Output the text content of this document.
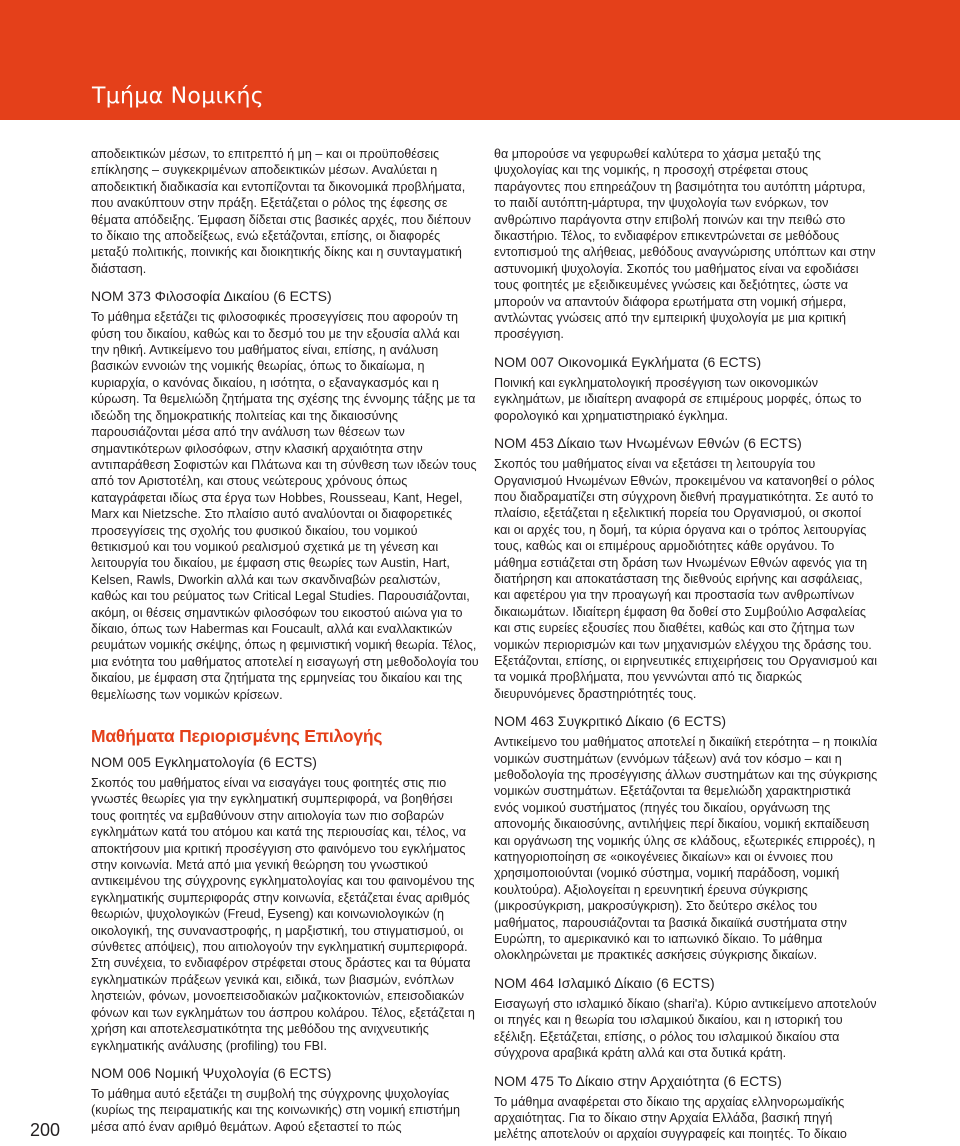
Τμήμα Νομικής
200

αποδεικτικών μέσων, το επιτρεπτό ή μη – και οι προϋποθέσεις επίκλησης – συγκεκριμένων αποδεικτικών μέσων. Αναλύεται η αποδεικτική διαδικασία και εντοπίζονται τα δικονομικά προβλήματα, που ανακύπτουν στην πράξη. Εξετάζεται ο ρόλος της έφεσης σε θέματα απόδειξης. Έμφαση δίδεται στις βασικές αρχές, που διέπουν το δίκαιο της αποδείξεως, ενώ εξετάζονται, επίσης, οι διαφορές μεταξύ πολιτικής, ποινικής και διοικητικής δίκης και η συνταγματική διάσταση.

ΝΟΜ 373 Φιλοσοφία Δικαίου (6 ECTS)

Το μάθημα εξετάζει τις φιλοσοφικές προσεγγίσεις που αφορούν τη φύση του δικαίου, καθώς και το δεσμό του με την εξουσία αλλά και την ηθική. Αντικείμενο του μαθήματος είναι, επίσης, η ανάλυση βασικών εννοιών της νομικής θεωρίας, όπως το δικαίωμα, η κυριαρχία, ο κανόνας δικαίου, η ισότητα, ο εξαναγκασμός και η κύρωση. Τα θεμελιώδη ζητήματα της σχέσης της έννομης τάξης με τα ιδεώδη της δημοκρατικής πολιτείας και της δικαιοσύνης παρουσιάζονται μέσα από την ανάλυση των θέσεων των σημαντικότερων φιλοσόφων, στην κλασική αρχαιότητα στην αντιπαράθεση Σοφιστών και Πλάτωνα και τη σύνθεση των ιδεών τους από τον Αριστοτέλη, και στους νεώτερους χρόνους όπως καταγράφεται ιδίως στα έργα των Hobbes, Rousseau, Kant, Hegel, Marx και Nietzsche. Στο πλαίσιο αυτό αναλύονται οι διαφορετικές προσεγγίσεις της σχολής του φυσικού δικαίου, του νομικού θετικισμού και του νομικού ρεαλισμού σχετικά με τη γένεση και λειτουργία του δικαίου, με έμφαση στις θεωρίες των Austin, Hart, Kelsen, Rawls, Dworkin αλλά και των σκανδιναβών ρεαλιστών, καθώς και του ρεύματος των Critical Legal Studies. Παρουσιάζονται, ακόμη, οι θέσεις σημαντικών φιλοσόφων του εικοστού αιώνα για το δίκαιο, όπως των Habermas και Foucault, αλλά και εναλλακτικών ρευμάτων νομικής σκέψης, όπως η φεμινιστική νομική θεωρία. Τέλος, μια ενότητα του μαθήματος αποτελεί η εισαγωγή στη μεθοδολογία του δικαίου, με έμφαση στα ζητήματα της ερμηνείας του δικαίου και της θεμελίωσης των νομικών κρίσεων.

Μαθήματα Περιορισμένης Επιλογής
ΝΟΜ 005 Εγκληματολογία (6 ECTS)

Σκοπός του μαθήματος είναι να εισαγάγει τους φοιτητές στις πιο γνωστές θεωρίες για την εγκληματική συμπεριφορά, να βοηθήσει τους φοιτητές να εμβαθύνουν στην αιτιολογία των πιο σοβαρών εγκλημάτων κατά του ατόμου και κατά της περιουσίας και, τέλος, να αποκτήσουν μια κριτική προσέγγιση στο φαινόμενο του εγκλήματος στην κοινωνία. Μετά από μια γενική θεώρηση του γνωστικού αντικειμένου της σύγχρονης εγκληματολογίας και του φαινομένου της εγκληματικής συμπεριφοράς στην κοινωνία, εξετάζεται ένας αριθμός θεωριών, ψυχολογικών (Freud, Eyseng) και κοινωνιολογικών (η οικολογική, της συναναστροφής, η μαρξιστική, του στιγματισμού, οι σύνθετες απόψεις), που αιτιολογούν την εγκληματική συμπεριφορά. Στη συνέχεια, το ενδιαφέρον στρέφεται στους δράστες και τα θύματα εγκληματικών πράξεων γενικά και, ειδικά, των βιασμών, ενόπλων ληστειών, φόνων, μονοεπεισοδιακών μαζικοκτονιών, επεισοδιακών φόνων και των εγκλημάτων του άσπρου κολάρου. Τέλος, εξετάζεται η χρήση και αποτελεσματικότητα της μεθόδου της ανιχνευτικής εγκληματικής ανάλυσης (profiling) του FBI.

ΝΟΜ 006 Νομική Ψυχολογία (6 ECTS)

Το μάθημα αυτό εξετάζει τη συμβολή της σύγχρονης ψυχολογίας (κυρίως της πειραματικής και της κοινωνικής) στη νομική επιστήμη μέσα από έναν αριθμό θεμάτων. Αφού εξεταστεί το πώς

θα μπορούσε να γεφυρωθεί καλύτερα το χάσμα μεταξύ της ψυχολογίας και της νομικής, η προσοχή στρέφεται στους παράγοντες που επηρεάζουν τη βασιμότητα του αυτόπτη μάρτυρα, το παιδί αυτόπτη-μάρτυρα, την ψυχολογία των ενόρκων, τον ανθρώπινο παράγοντα στην επιβολή ποινών και την πειθώ στο δικαστήριο. Τέλος, το ενδιαφέρον επικεντρώνεται σε μεθόδους εντοπισμού της αλήθειας, μεθόδους αναγνώρισης υπόπτων και στην αστυνομική ψυχολογία. Σκοπός του μαθήματος είναι να εφοδιάσει τους φοιτητές με εξειδικευμένες γνώσεις και δεξιότητες, ώστε να μπορούν να απαντούν διάφορα ερωτήματα στη νομική σήμερα, αντλώντας γνώσεις από την εμπειρική ψυχολογία με μια κριτική προσέγγιση.

ΝΟΜ 007 Οικονομικά Εγκλήματα (6 ECTS)

Ποινική και εγκληματολογική προσέγγιση των οικονομικών εγκλημάτων, με ιδιαίτερη αναφορά σε επιμέρους μορφές, όπως το φορολογικό και χρηματιστηριακό έγκλημα.

ΝΟΜ 453 Δίκαιο των Ηνωμένων Εθνών (6 ECTS)

Σκοπός του μαθήματος είναι να εξετάσει τη λειτουργία του Οργανισμού Ηνωμένων Εθνών, προκειμένου να κατανοηθεί ο ρόλος που διαδραματίζει στη σύγχρονη διεθνή πραγματικότητα. Σε αυτό το πλαίσιο, εξετάζεται η εξελικτική πορεία του Οργανισμού, οι σκοποί και οι αρχές του, η δομή, τα κύρια όργανα και ο τρόπος λειτουργίας τους, καθώς και οι επιμέρους αρμοδιότητες κάθε οργάνου. Το μάθημα εστιάζεται στη δράση των Ηνωμένων Εθνών αφενός για τη διατήρηση και αποκατάσταση της διεθνούς ειρήνης και ασφάλειας, και αφετέρου για την προαγωγή και προστασία των ανθρωπίνων δικαιωμάτων. Ιδιαίτερη έμφαση θα δοθεί στο Συμβούλιο Ασφαλείας και στις ευρείες εξουσίες που διαθέτει, καθώς και στο ζήτημα των νομικών περιορισμών και των μηχανισμών ελέγχου της δράσης του. Εξετάζονται, επίσης, οι ειρηνευτικές επιχειρήσεις του Οργανισμού και τα νομικά προβλήματα, που γεννώνται από τις διαρκώς διευρυνόμενες δραστηριότητές τους.

ΝΟΜ 463 Συγκριτικό Δίκαιο (6 ECTS)

Αντικείμενο του μαθήματος αποτελεί η δικαιϊκή ετερότητα – η ποικιλία νομικών συστημάτων (εννόμων τάξεων) ανά τον κόσμο – και η μεθοδολογία της προσέγγισης άλλων συστημάτων και της σύγκρισης νομικών συστημάτων. Εξετάζονται τα θεμελιώδη χαρακτηριστικά ενός νομικού συστήματος (πηγές του δικαίου, οργάνωση της απονομής δικαιοσύνης, αντιλήψεις περί δικαίου, νομική εκπαίδευση και οργάνωση της νομικής ύλης σε κλάδους, εξωτερικές επιρροές), η κατηγοριοποίηση σε «οικογένειες δικαίων» και οι έννοιες που χρησιμοποιούνται (νομικό σύστημα, νομική παράδοση, νομική κουλτούρα). Αξιολογείται η ερευνητική έρευνα σύγκρισης (μικροσύγκριση, μακροσύγκριση). Στο δεύτερο σκέλος του μαθήματος, παρουσιάζονται τα βασικά δικαιϊκά συστήματα στην Ευρώπη, το αμερικανικό και το ιαπωνικό δίκαιο. Το μάθημα ολοκληρώνεται με πρακτικές ασκήσεις σύγκρισης δικαίων.

ΝΟΜ 464 Ισλαμικό Δίκαιο (6 ECTS)

Εισαγωγή στο ισλαμικό δίκαιο (shari'a). Κύριο αντικείμενο αποτελούν οι πηγές και η θεωρία του ισλαμικού δικαίου, και η ιστορική του εξέλιξη. Εξετάζεται, επίσης, ο ρόλος του ισλαμικού δικαίου στα σύγχρονα αραβικά κράτη αλλά και στα δυτικά κράτη.

ΝΟΜ 475 Το Δίκαιο στην Αρχαιότητα (6 ECTS)

Το μάθημα αναφέρεται στο δίκαιο της αρχαίας ελληνορωμαϊκής αρχαιότητας. Για το δίκαιο στην Αρχαία Ελλάδα, βασική πηγή μελέτης αποτελούν οι αρχαίοι συγγραφείς και ποιητές. Το δίκαιο
